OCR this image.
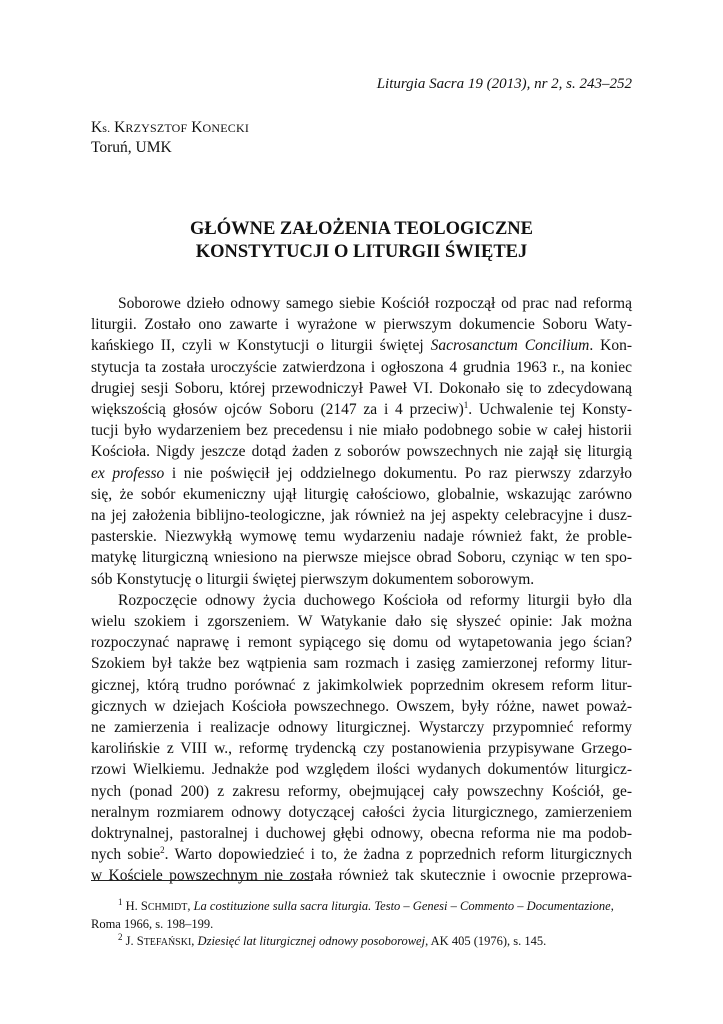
Liturgia Sacra 19 (2013), nr 2, s. 243–252
Ks. KRZYSZTOF KONECKI
Toruń, UMK
GŁÓWNE ZAŁOŻENIA TEOLOGICZNE
KONSTYTUCJI O LITURGII ŚWIĘTEJ
Soborowe dzieło odnowy samego siebie Kościół rozpoczął od prac nad reformą
liturgii. Zostało ono zawarte i wyrażone w pierwszym dokumencie Soboru Waty-
kańskiego II, czyli w Konstytucji o liturgii świętej Sacrosanctum Concilium. Kon-
stytucja ta została uroczyście zatwierdzona i ogłoszona 4 grudnia 1963 r., na koniec
drugiej sesji Soboru, której przewodniczył Paweł VI. Dokonało się to zdecydowaną
większością głosów ojców Soboru (2147 za i 4 przeciw)$^1$. Uchwalenie tej Konsty-
tucji było wydarzeniem bez precedensu i nie miało podobnego sobie w całej historii
Kościoła. Nigdy jeszcze dotąd żaden z soborów powszechnych nie zajął się liturgią
ex professo i nie poświęcił jej oddzielnego dokumentu. Po raz pierwszy zdarzyło
się, że sobór ekumeniczny ujął liturgię całościowo, globalnie, wskazując zarówno
na jej założenia biblijno-teologiczne, jak również na jej aspekty celebracyjne i dusz-
pasterskie. Niezwykłą wymowę temu wydarzeniu nadaje również fakt, że proble-
matykę liturgiczną wniesiono na pierwsze miejsce obrad Soboru, czyniąc w ten spo-
sób Konstytucję o liturgii świętej pierwszym dokumentem soborowym.
Rozpoczęcie odnowy życia duchowego Kościoła od reformy liturgii było dla
wielu szokiem i zgorszeniem. W Watykanie dało się słyszeć opinie: Jak można
rozpoczynać naprawę i remont sypiącego się domu od wytapetowania jego ścian?
Szokiem był także bez wątpienia sam rozmach i zasięg zamierzonej reformy litur-
gicznej, którą trudno porównać z jakimkolwiek poprzednim okresem reform litur-
gicznych w dziejach Kościoła powszechnego. Owszem, były różne, nawet poważ-
ne zamierzenia i realizacje odnowy liturgicznej. Wystarczy przypomnieć reformy
karolińskie z VIII w., reformę trydencką czy postanowienia przypisywane Grzego-
rzowi Wielkiemu. Jednakże pod względem ilości wydanych dokumentów liturgicz-
nych (ponad 200) z zakresu reformy, obejmującej cały powszechny Kościół, ge-
neralnym rozmiarem odnowy dotyczącej całości życia liturgicznego, zamierzeniem
doktrynalnej, pastoralnej i duchowej głębi odnowy, obecna reforma nie ma podob-
nych sobie$^2$. Warto dopowiedzieć i to, że żadna z poprzednich reform liturgicznych
w Kościele powszechnym nie została również tak skutecznie i owocnie przeprowa-
$^1$ H. SCHMIDT, La costituzione sulla sacra liturgia. Testo – Genesi – Commento – Documentazione,
Roma 1966, s. 198–199.
$^2$ J. STEFAŃSKI, Dziesięć lat liturgicznej odnowy posoborowej, AK 405 (1976), s. 145.
